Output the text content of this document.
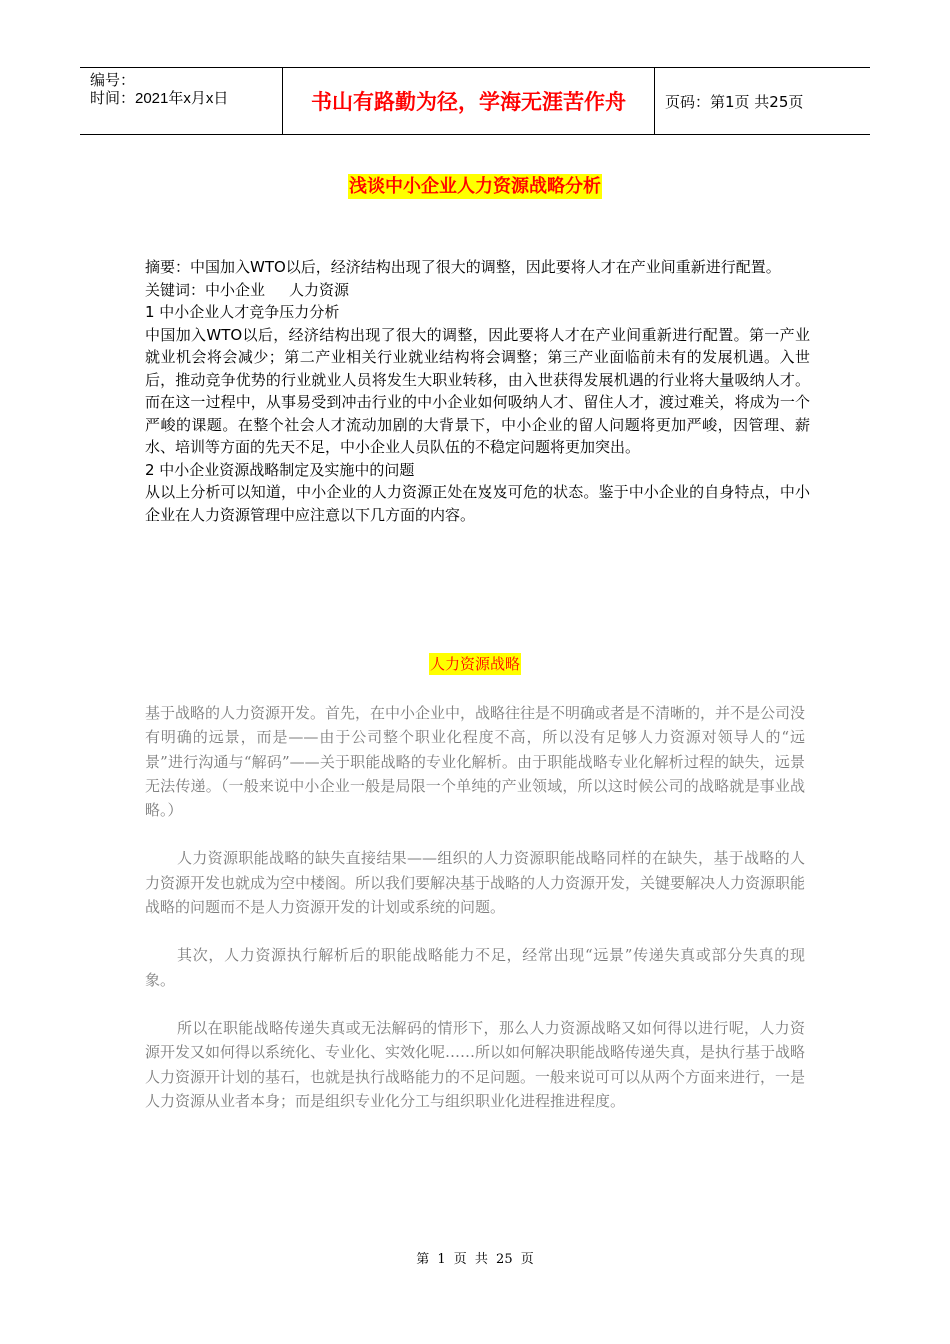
编号：
时间：2021年x月x日	书山有路勤为径，学海无涯苦作舟	页码：第1页 共25页
浅谈中小企业人力资源战略分析

摘要：中国加入WTO以后，经济结构出现了很大的调整，因此要将人才在产业间重新进行配置。

关键词：中小企业 人力资源

1 中小企业人才竞争压力分析

中国加入WTO以后，经济结构出现了很大的调整，因此要将人才在产业间重新进行配置。第一产业就业机会将会减少；第二产业相关行业就业结构将会调整；第三产业面临前未有的发展机遇。入世后，推动竞争优势的行业就业人员将发生大职业转移，由入世获得发展机遇的行业将大量吸纳人才。而在这一过程中，从事易受到冲击行业的中小企业如何吸纳人才、留住人才，渡过难关，将成为一个严峻的课题。在整个社会人才流动加剧的大背景下，中小企业的留人问题将更加严峻，因管理、薪水、培训等方面的先天不足，中小企业人员队伍的不稳定问题将更加突出。

2 中小企业资源战略制定及实施中的问题

从以上分析可以知道，中小企业的人力资源正处在岌岌可危的状态。鉴于中小企业的自身特点，中小企业在人力资源管理中应注意以下几方面的内容。

人力资源战略

基于战略的人力资源开发。首先，在中小企业中，战略往往是不明确或者是不清晰的，并不是公司没有明确的远景，而是——由于公司整个职业化程度不高，所以没有足够人力资源对领导人的“远景”进行沟通与“解码”——关于职能战略的专业化解析。由于职能战略专业化解析过程的缺失，远景无法传递。（一般来说中小企业一般是局限一个单纯的产业领域，所以这时候公司的战略就是事业战略。）

人力资源职能战略的缺失直接结果——组织的人力资源职能战略同样的在缺失，基于战略的人力资源开发也就成为空中楼阁。所以我们要解决基于战略的人力资源开发，关键要解决人力资源职能战略的问题而不是人力资源开发的计划或系统的问题。

其次，人力资源执行解析后的职能战略能力不足，经常出现“远景”传递失真或部分失真的现象。

所以在职能战略传递失真或无法解码的情形下，那么人力资源战略又如何得以进行呢，人力资源开发又如何得以系统化、专业化、实效化呢……所以如何解决职能战略传递失真，是执行基于战略人力资源开计划的基石，也就是执行战略能力的不足问题。一般来说可可以从两个方面来进行，一是人力资源从业者本身；而是组织专业化分工与组织职业化进程推进程度。

第 1 页 共 25 页
